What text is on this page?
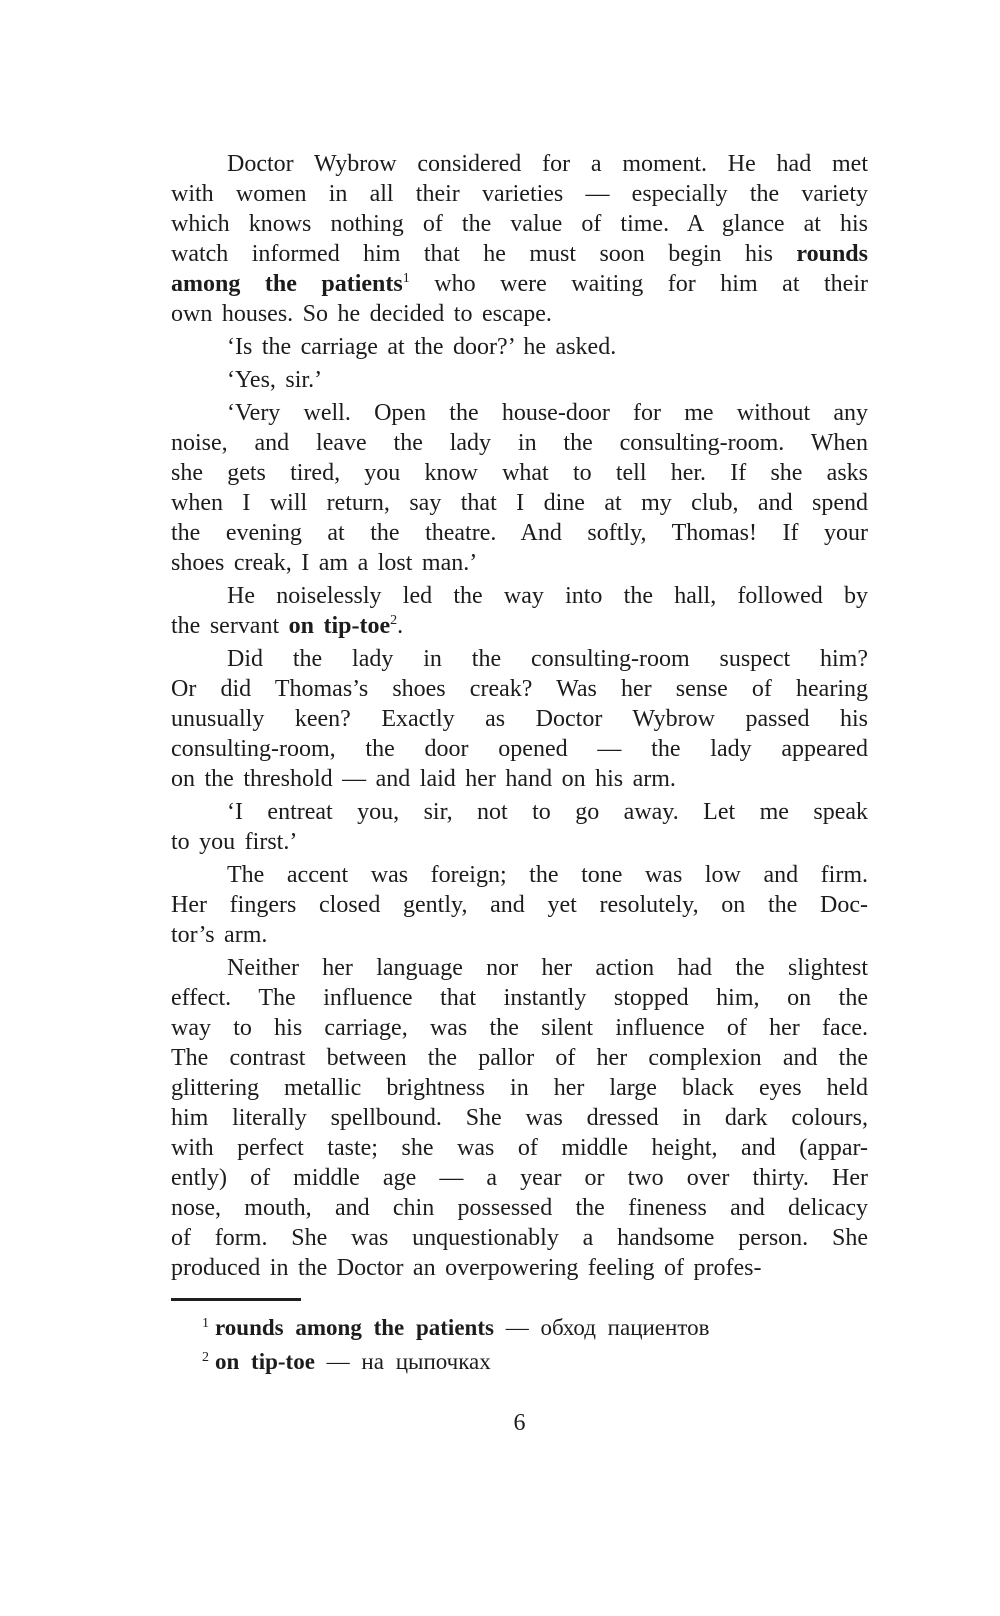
Doctor Wybrow considered for a moment. He had met
with women in all their varieties — especially the variety
which knows nothing of the value of time. A glance at his
watch informed him that he must soon begin his rounds
among the patients$^1$ who were waiting for him at their
own houses. So he decided to escape.
‘Is the carriage at the door?’ he asked.
‘Yes, sir.’
‘Very well. Open the house-door for me without any
noise, and leave the lady in the consulting-room. When
she gets tired, you know what to tell her. If she asks
when I will return, say that I dine at my club, and spend
the evening at the theatre. And softly, Thomas! If your
shoes creak, I am a lost man.’
He noiselessly led the way into the hall, followed by
the servant on tip-toe$^2$.
Did the lady in the consulting-room suspect him?
Or did Thomas’s shoes creak? Was her sense of hearing
unusually keen? Exactly as Doctor Wybrow passed his
consulting-room, the door opened — the lady appeared
on the threshold — and laid her hand on his arm.
‘I entreat you, sir, not to go away. Let me speak
to you first.’
The accent was foreign; the tone was low and firm.
Her fingers closed gently, and yet resolutely, on the Doc-
tor’s arm.
Neither her language nor her action had the slightest
effect. The influence that instantly stopped him, on the
way to his carriage, was the silent influence of her face.
The contrast between the pallor of her complexion and the
glittering metallic brightness in her large black eyes held
him literally spellbound. She was dressed in dark colours,
with perfect taste; she was of middle height, and (appar-
ently) of middle age — a year or two over thirty. Her
nose, mouth, and chin possessed the fineness and delicacy
of form. She was unquestionably a handsome person. She
produced in the Doctor an overpowering feeling of profes-
$^1$ rounds among the patients — обход пациентов
$^2$ on tip-toe — на цыпочках
6
